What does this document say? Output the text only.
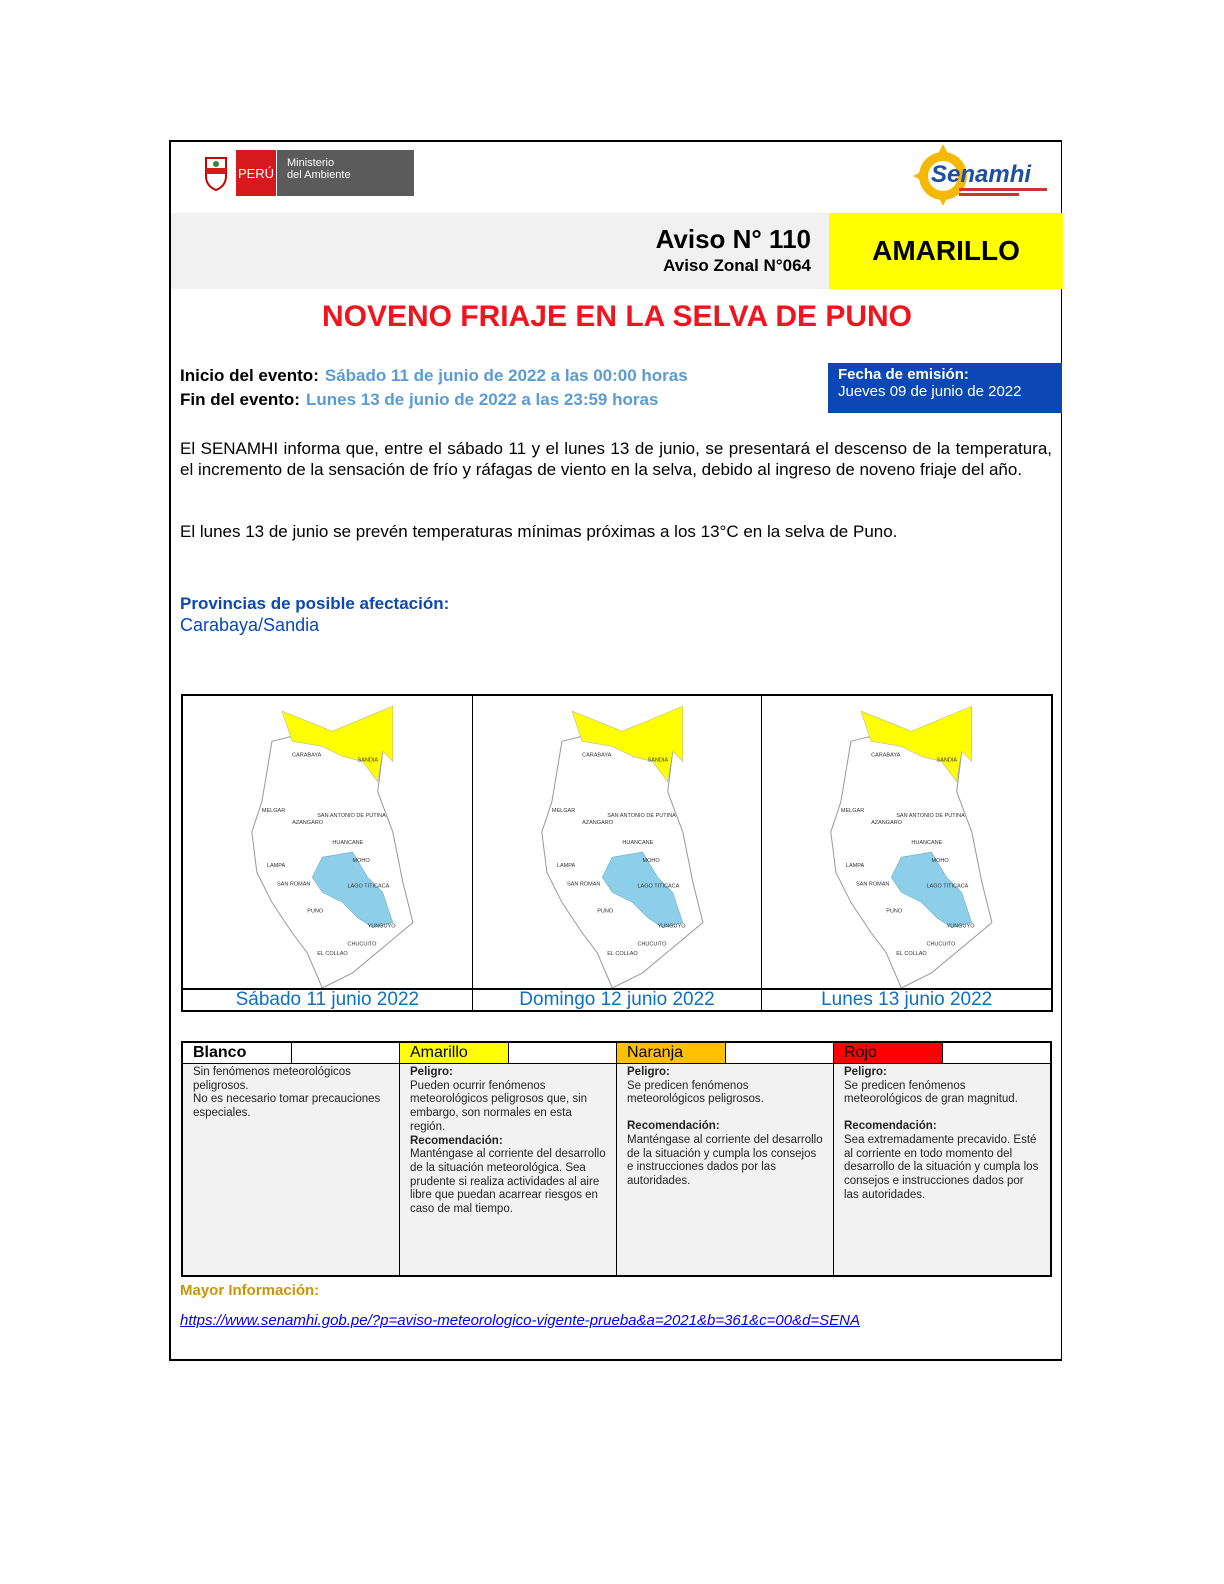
PERÚ
Ministerio
del Ambiente	Senamhi
Aviso N° 110
Aviso Zonal N°064	AMARILLO
NOVENO FRIAJE EN LA SELVA DE PUNO
Inicio del evento: Sábado 11 de junio de 2022 a las 00:00 horas
Fin del evento: Lunes 13 de junio de 2022 a las 23:59 horas
Fecha de emisión:
Jueves 09 de junio de 2022
El SENAMHI informa que, entre el sábado 11 y el lunes 13 de junio, se presentará el descenso de la temperatura, el incremento de la sensación de frío y ráfagas de viento en la selva, debido al ingreso de noveno friaje del año.
El lunes 13 de junio se prevén temperaturas mínimas próximas a los 13°C en la selva de Puno.
Provincias de posible afectación:
Carabaya/Sandia
CARABAYA
SANDIA
MELGAR
AZANGARO
SAN ANTONIO DE PUTINA
HUANCANE
MOHO
LAMPA
SAN ROMAN	LAGO TITICACA
PUNO
YUNGUYO
CHUCUITO
EL COLLAO
CARABAYA
SANDIA
MELGAR
AZANGARO
SAN ANTONIO DE PUTINA
HUANCANE
MOHO
LAMPA
SAN ROMAN	LAGO TITICACA
PUNO
YUNGUYO
CHUCUITO
EL COLLAO
CARABAYA
SANDIA
MELGAR
AZANGARO
SAN ANTONIO DE PUTINA
HUANCANE
MOHO
LAMPA
SAN ROMAN	LAGO TITICACA
PUNO
YUNGUYO
CHUCUITO
EL COLLAO
Sábado 11 junio 2022	Domingo 12 junio 2022	Lunes 13 junio 2022
Blanco
Sin fenómenos meteorológicos peligrosos.
No es necesario tomar precauciones especiales.
Amarillo
Peligro:
Pueden ocurrir fenómenos meteorológicos peligrosos que, sin embargo, son normales en esta región.
Recomendación:
Manténgase al corriente del desarrollo de la situación meteorológica. Sea prudente si realiza actividades al aire libre que puedan acarrear riesgos en caso de mal tiempo.
Naranja
Peligro:
Se predicen fenómenos meteorológicos peligrosos.
Recomendación:
Manténgase al corriente del desarrollo de la situación y cumpla los consejos e instrucciones dados por las autoridades.
Rojo
Peligro:
Se predicen fenómenos meteorológicos de gran magnitud.
Recomendación:
Sea extremadamente precavido. Esté al corriente en todo momento del desarrollo de la situación y cumpla los consejos e instrucciones dados por las autoridades.
Mayor Información:
https://www.senamhi.gob.pe/?p=aviso-meteorologico-vigente-prueba&a=2021&b=361&c=00&d=SENA
